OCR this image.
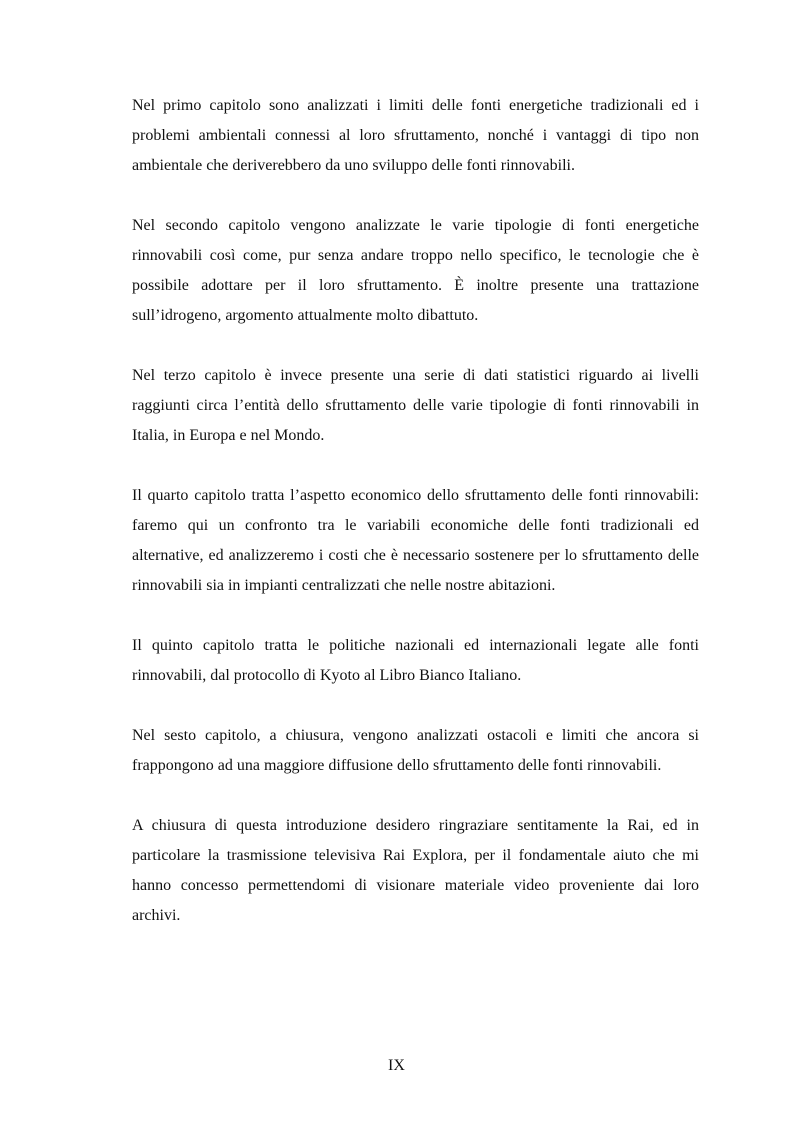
Nel primo capitolo sono analizzati i limiti delle fonti energetiche tradizionali ed i problemi ambientali connessi al loro sfruttamento, nonché i vantaggi di tipo non ambientale che deriverebbero da uno sviluppo delle fonti rinnovabili.

Nel secondo capitolo vengono analizzate le varie tipologie di fonti energetiche rinnovabili così come, pur senza andare troppo nello specifico, le tecnologie che è possibile adottare per il loro sfruttamento. È inoltre presente una trattazione sull’idrogeno, argomento attualmente molto dibattuto.

Nel terzo capitolo è invece presente una serie di dati statistici riguardo ai livelli raggiunti circa l’entità dello sfruttamento delle varie tipologie di fonti rinnovabili in Italia, in Europa e nel Mondo.

Il quarto capitolo tratta l’aspetto economico dello sfruttamento delle fonti rinnovabili: faremo qui un confronto tra le variabili economiche delle fonti tradizionali ed alternative, ed analizzeremo i costi che è necessario sostenere per lo sfruttamento delle rinnovabili sia in impianti centralizzati che nelle nostre abitazioni.

Il quinto capitolo tratta le politiche nazionali ed internazionali legate alle fonti rinnovabili, dal protocollo di Kyoto al Libro Bianco Italiano.

Nel sesto capitolo, a chiusura, vengono analizzati ostacoli e limiti che ancora si frappongono ad una maggiore diffusione dello sfruttamento delle fonti rinnovabili.

A chiusura di questa introduzione desidero ringraziare sentitamente la Rai, ed in particolare la trasmissione televisiva Rai Explora, per il fondamentale aiuto che mi hanno concesso permettendomi di visionare materiale video proveniente dai loro archivi.

IX
